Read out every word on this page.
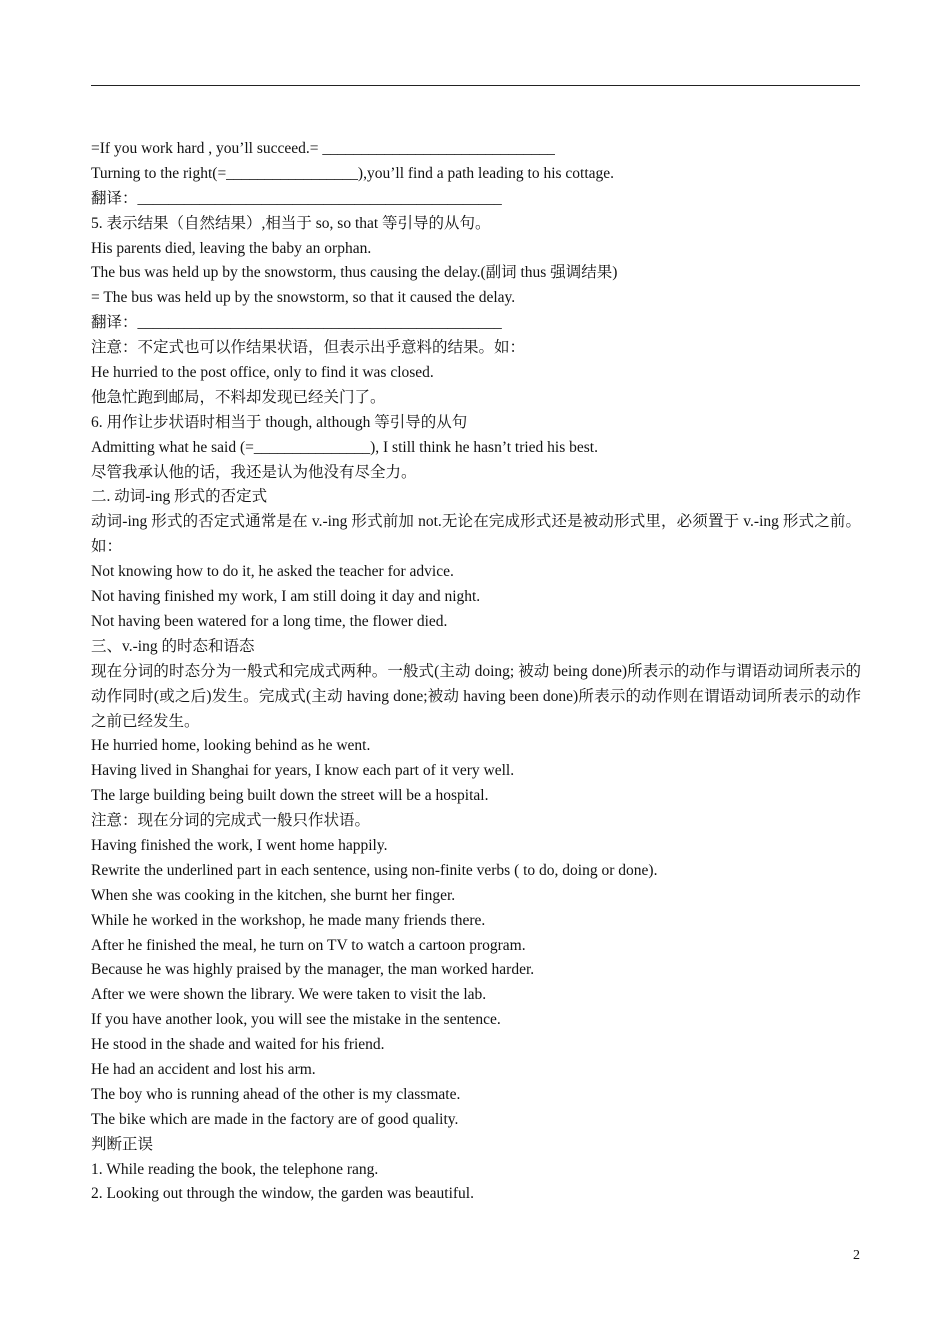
=If you work hard , you’ll succeed.= ______________________________
Turning to the right(=_________________),you’ll find a path leading to his cottage.
翻译：_______________________________________________
5. 表示结果（自然结果）,相当于 so, so that 等引导的从句。
His parents died, leaving the baby an orphan.
The bus was held up by the snowstorm, thus causing the delay.(副词 thus 强调结果)
= The bus was held up by the snowstorm, so that it caused the delay.
翻译：_______________________________________________
注意：不定式也可以作结果状语，但表示出乎意料的结果。如：
He hurried to the post office, only to find it was closed.
他急忙跑到邮局，不料却发现已经关门了。
6. 用作让步状语时相当于 though, although 等引导的从句
Admitting what he said (=_______________), I still think he hasn’t tried his best.
尽管我承认他的话，我还是认为他没有尽全力。
二. 动词-ing 形式的否定式
动词-ing 形式的否定式通常是在 v.-ing 形式前加 not.无论在完成形式还是被动形式里，必须置于 v.-ing 形式之前。如：
Not knowing how to do it, he asked the teacher for advice.
Not having finished my work, I am still doing it day and night.
Not having been watered for a long time, the flower died.
三、v.-ing 的时态和语态
现在分词的时态分为一般式和完成式两种。一般式(主动 doing; 被动 being done)所表示的动作与谓语动词所表示的动作同时(或之后)发生。完成式(主动 having done;被动 having been done)所表示的动作则在谓语动词所表示的动作之前已经发生。
He hurried home, looking behind as he went.
Having lived in Shanghai for years, I know each part of it very well.
The large building being built down the street will be a hospital.
注意：现在分词的完成式一般只作状语。
Having finished the work, I went home happily.
Rewrite the underlined part in each sentence, using non-finite verbs ( to do, doing or done).
When she was cooking in the kitchen, she burnt her finger.
While he worked in the workshop, he made many friends there.
After he finished the meal, he turn on TV to watch a cartoon program.
Because he was highly praised by the manager, the man worked harder.
After we were shown the library. We were taken to visit the lab.
If you have another look, you will see the mistake in the sentence.
He stood in the shade and waited for his friend.
He had an accident and lost his arm.
The boy who is running ahead of the other is my classmate.
The bike which are made in the factory are of good quality.
判断正误
1. While reading the book, the telephone rang.
2. Looking out through the window, the garden was beautiful.
2
